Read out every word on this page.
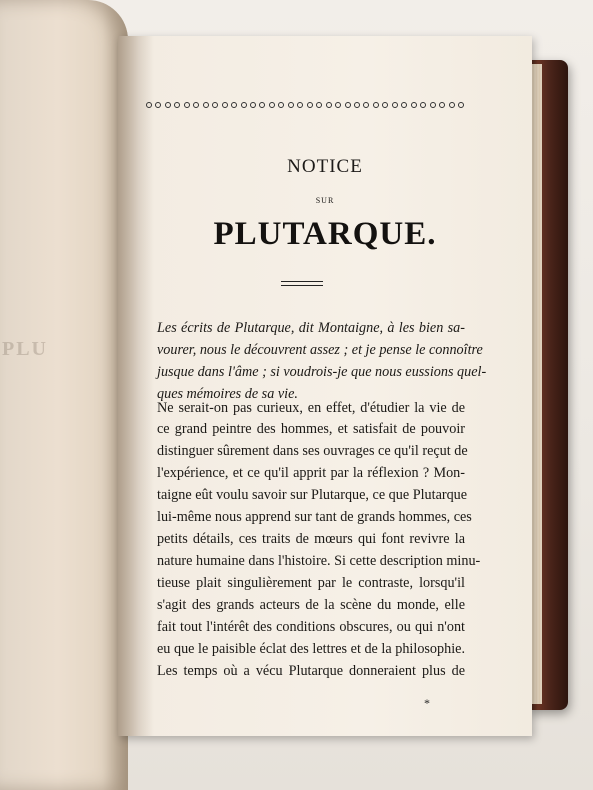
PLU
NOTICE
SUR
PLUTARQUE.
Les écrits de Plutarque, dit Montaigne, à les bien sa-
vourer, nous le découvrent assez ; et je pense le connoître
jusque dans l'âme ; si voudrois-je que nous eussions quel-
ques mémoires de sa vie.
Ne serait-on pas curieux, en effet, d'étudier la vie de
ce grand peintre des hommes, et satisfait de pouvoir
distinguer sûrement dans ses ouvrages ce qu'il reçut de
l'expérience, et ce qu'il apprit par la réflexion ? Mon-
taigne eût voulu savoir sur Plutarque, ce que Plutarque
lui-même nous apprend sur tant de grands hommes, ces
petits détails, ces traits de mœurs qui font revivre la
nature humaine dans l'histoire. Si cette description minu-
tieuse plait singulièrement par le contraste, lorsqu'il
s'agit des grands acteurs de la scène du monde, elle
fait tout l'intérêt des conditions obscures, ou qui n'ont
eu que le paisible éclat des lettres et de la philosophie.
Les temps où a vécu Plutarque donneraient plus de
*
